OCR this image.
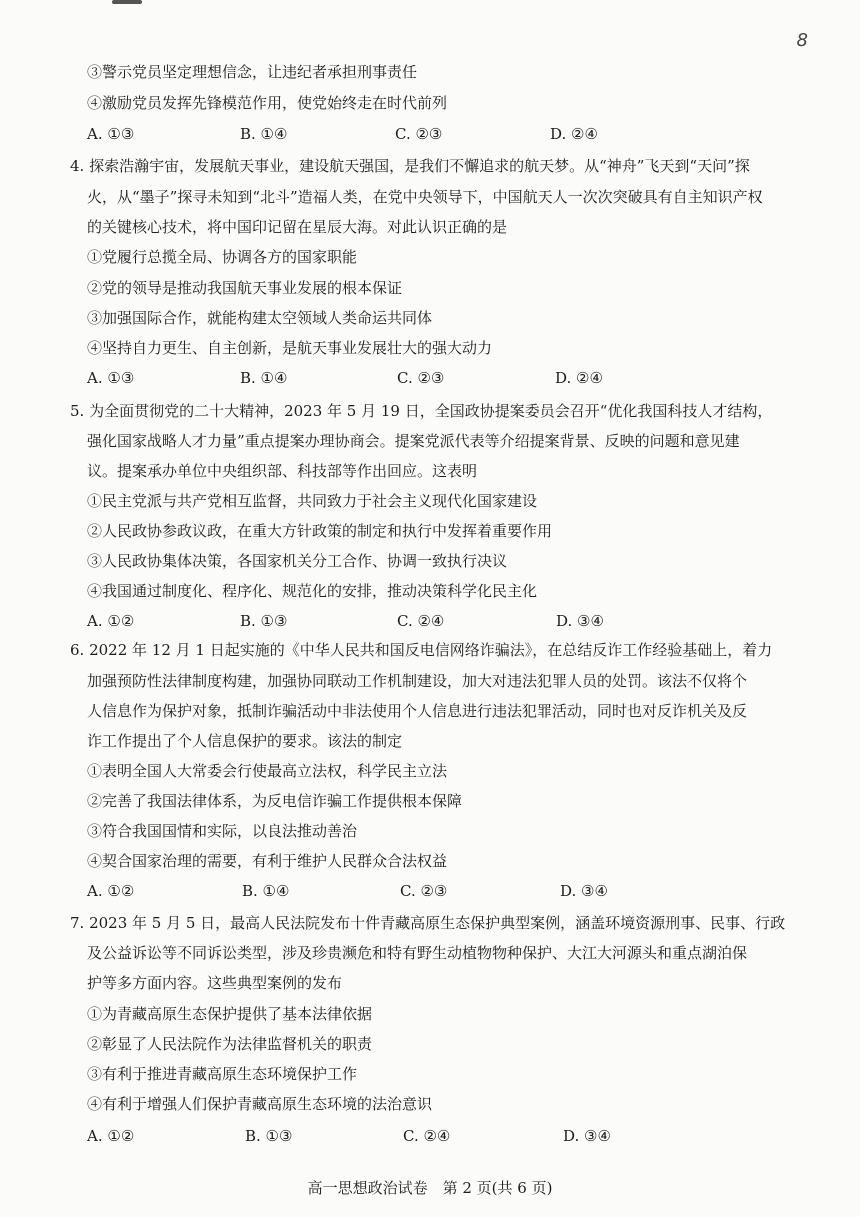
8
③警示党员坚定理想信念，让违纪者承担刑事责任
④激励党员发挥先锋模范作用，使党始终走在时代前列
A. ①③	B. ①④	C. ②③	D. ②④
4. 探索浩瀚宇宙，发展航天事业，建设航天强国，是我们不懈追求的航天梦。从“神舟”飞天到“天问”探
火，从“墨子”探寻未知到“北斗”造福人类，在党中央领导下，中国航天人一次次突破具有自主知识产权
的关键核心技术，将中国印记留在星辰大海。对此认识正确的是
①党履行总揽全局、协调各方的国家职能
②党的领导是推动我国航天事业发展的根本保证
③加强国际合作，就能构建太空领域人类命运共同体
④坚持自力更生、自主创新，是航天事业发展壮大的强大动力
A. ①③	B. ①④	C. ②③	D. ②④
5. 为全面贯彻党的二十大精神，2023 年 5 月 19 日，全国政协提案委员会召开“优化我国科技人才结构，
强化国家战略人才力量”重点提案办理协商会。提案党派代表等介绍提案背景、反映的问题和意见建
议。提案承办单位中央组织部、科技部等作出回应。这表明
①民主党派与共产党相互监督，共同致力于社会主义现代化国家建设
②人民政协参政议政，在重大方针政策的制定和执行中发挥着重要作用
③人民政协集体决策，各国家机关分工合作、协调一致执行决议
④我国通过制度化、程序化、规范化的安排，推动决策科学化民主化
A. ①②	B. ①③	C. ②④	D. ③④
6. 2022 年 12 月 1 日起实施的《中华人民共和国反电信网络诈骗法》，在总结反诈工作经验基础上，着力
加强预防性法律制度构建，加强协同联动工作机制建设，加大对违法犯罪人员的处罚。该法不仅将个
人信息作为保护对象，抵制诈骗活动中非法使用个人信息进行违法犯罪活动，同时也对反诈机关及反
诈工作提出了个人信息保护的要求。该法的制定
①表明全国人大常委会行使最高立法权，科学民主立法
②完善了我国法律体系，为反电信诈骗工作提供根本保障
③符合我国国情和实际，以良法推动善治
④契合国家治理的需要，有利于维护人民群众合法权益
A. ①②	B. ①④	C. ②③	D. ③④
7. 2023 年 5 月 5 日，最高人民法院发布十件青藏高原生态保护典型案例，涵盖环境资源刑事、民事、行政
及公益诉讼等不同诉讼类型，涉及珍贵濒危和特有野生动植物物种保护、大江大河源头和重点湖泊保
护等多方面内容。这些典型案例的发布
①为青藏高原生态保护提供了基本法律依据
②彰显了人民法院作为法律监督机关的职责
③有利于推进青藏高原生态环境保护工作
④有利于增强人们保护青藏高原生态环境的法治意识
A. ①②	B. ①③	C. ②④	D. ③④
高一思想政治试卷　第 2 页(共 6 页)
